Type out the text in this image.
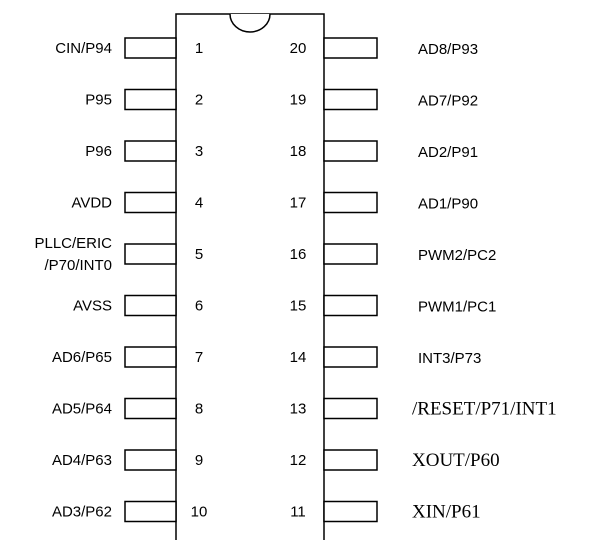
1
CIN/P94
2
P95
3
P96
4
AVDD
5
PLLC/ERIC
/P70/INT0
6
AVSS
7
AD6/P65
8
AD5/P64
9
AD4/P63
10
AD3/P62
20	AD8/P93
19	AD7/P92
18	AD2/P91
17	AD1/P90
16	PWM2/PC2
15	PWM1/PC1
14	INT3/P73
13	/RESET/P71/INT1
12	XOUT/P60
11	XIN/P61
